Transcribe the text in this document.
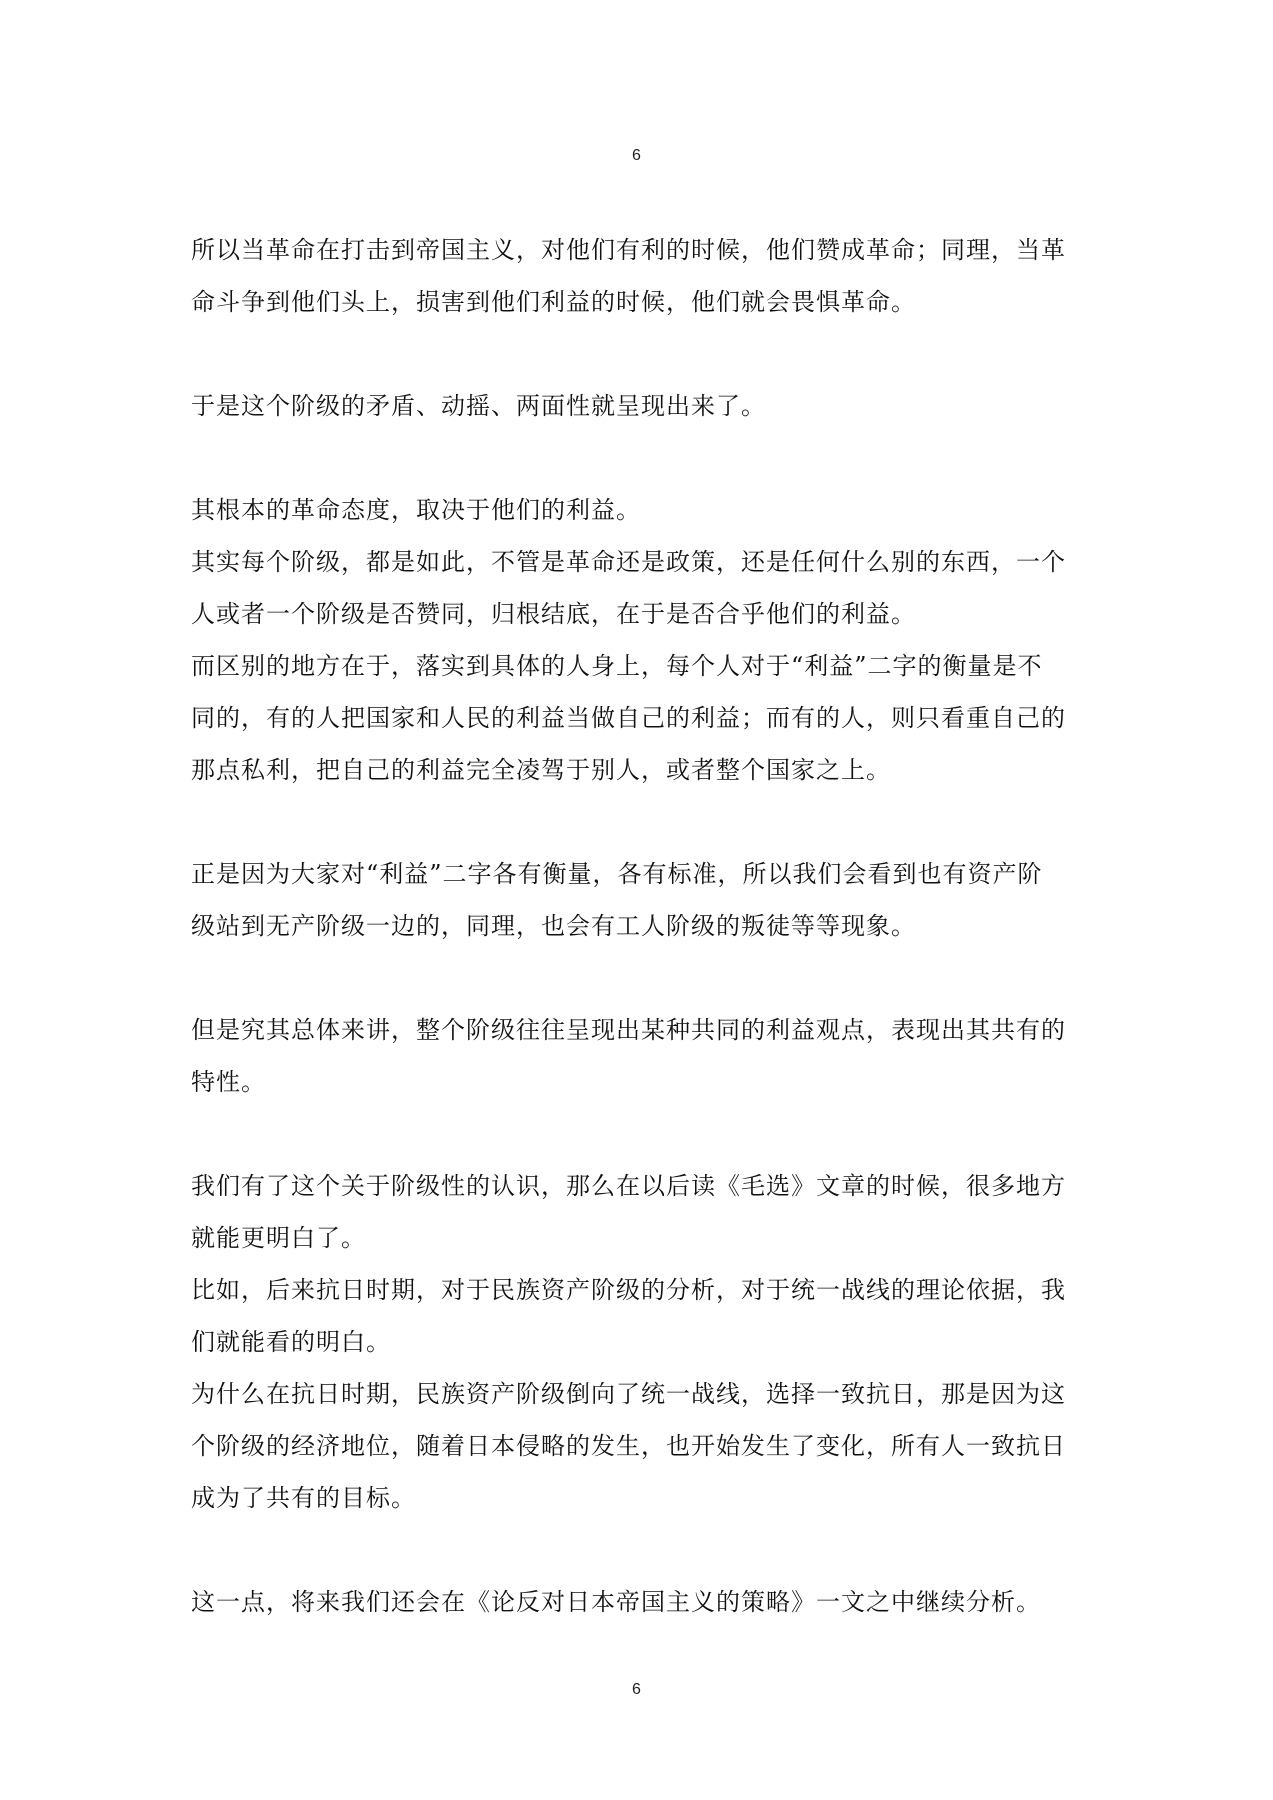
6
所以当革命在打击到帝国主义，对他们有利的时候，他们赞成革命；同理，当革
命斗争到他们头上，损害到他们利益的时候，他们就会畏惧革命。
于是这个阶级的矛盾、动摇、两面性就呈现出来了。
其根本的革命态度，取决于他们的利益。
其实每个阶级，都是如此，不管是革命还是政策，还是任何什么别的东西，一个
人或者一个阶级是否赞同，归根结底，在于是否合乎他们的利益。
而区别的地方在于，落实到具体的人身上，每个人对于“利益”二字的衡量是不
同的，有的人把国家和人民的利益当做自己的利益；而有的人，则只看重自己的
那点私利，把自己的利益完全凌驾于别人，或者整个国家之上。
正是因为大家对“利益”二字各有衡量，各有标准，所以我们会看到也有资产阶
级站到无产阶级一边的，同理，也会有工人阶级的叛徒等等现象。
但是究其总体来讲，整个阶级往往呈现出某种共同的利益观点，表现出其共有的
特性。
我们有了这个关于阶级性的认识，那么在以后读《毛选》文章的时候，很多地方
就能更明白了。
比如，后来抗日时期，对于民族资产阶级的分析，对于统一战线的理论依据，我
们就能看的明白。
为什么在抗日时期，民族资产阶级倒向了统一战线，选择一致抗日，那是因为这
个阶级的经济地位，随着日本侵略的发生，也开始发生了变化，所有人一致抗日
成为了共有的目标。
这一点，将来我们还会在《论反对日本帝国主义的策略》一文之中继续分析。
6
